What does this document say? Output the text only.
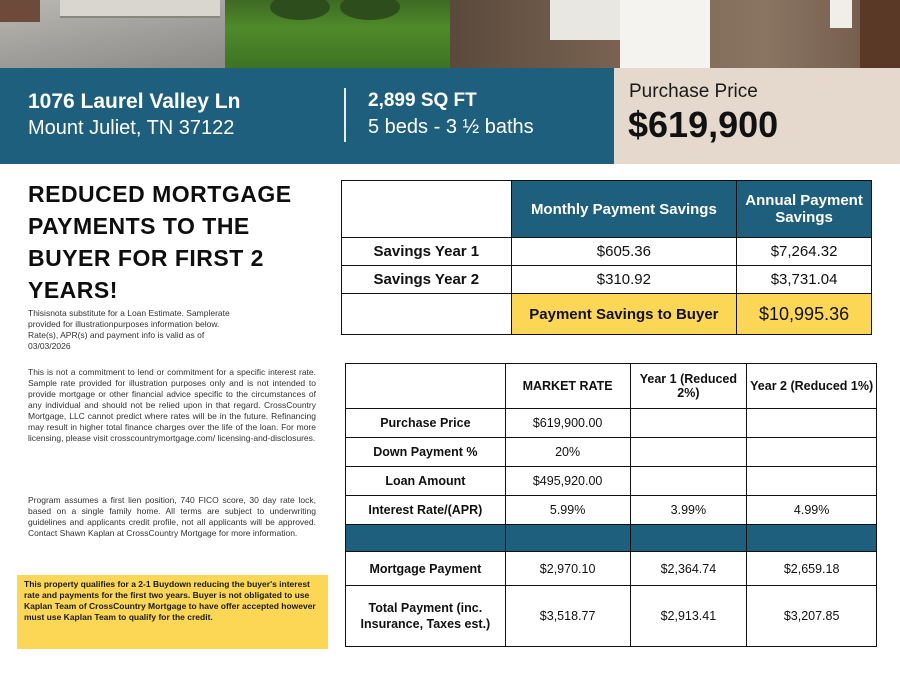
1076 Laurel Valley Ln
Mount Juliet, TN 37122
2,899 SQ FT
5 beds - 3 ½ baths
Purchase Price
$619,900
REDUCED MORTGAGE PAYMENTS TO THE BUYER FOR FIRST 2 YEARS!
Thisisnota substitute for a Loan Estimate. Samplerate provided for illustrationpurposes information below. Rate(s), APR(s) and payment info is valid as of 03/03/2026
This is not a commitment to lend or commitment for a specific interest rate. Sample rate provided for illustration purposes only and is not intended to provide mortgage or other financial advice specific to the circumstances of any individual and should not be relied upon in that regard. CrossCountry Mortgage, LLC cannot predict where rates will be in the future. Refinancing may result in higher total finance charges over the life of the loan. For more licensing, please visit crosscountrymortgage.com/ licensing-and-disclosures.
Program assumes a first lien position, 740 FICO score, 30 day rate lock, based on a single family home. All terms are subject to underwriting guidelines and applicants credit profile, not all applicants will be approved. Contact Shawn Kaplan at CrossCountry Mortgage for more information.
This property qualifies for a 2-1 Buydown reducing the buyer's interest rate and payments for the first two years. Buyer is not obligated to use Kaplan Team of CrossCountry Mortgage to have offer accepted however must use Kaplan Team to qualify for the credit.
	Monthly Payment Savings	Annual Payment Savings
Savings Year 1	$605.36	$7,264.32
Savings Year 2	$310.92	$3,731.04
	Payment Savings to Buyer	$10,995.36
	MARKET RATE	Year 1 (Reduced 2%)	Year 2 (Reduced 1%)
Purchase Price	$619,900.00		
Down Payment %	20%		
Loan Amount	$495,920.00		
Interest Rate/(APR)	5.99%	3.99%	4.99%

Mortgage Payment	$2,970.10	$2,364.74	$2,659.18
Total Payment (inc. Insurance, Taxes est.)	$3,518.77	$2,913.41	$3,207.85
